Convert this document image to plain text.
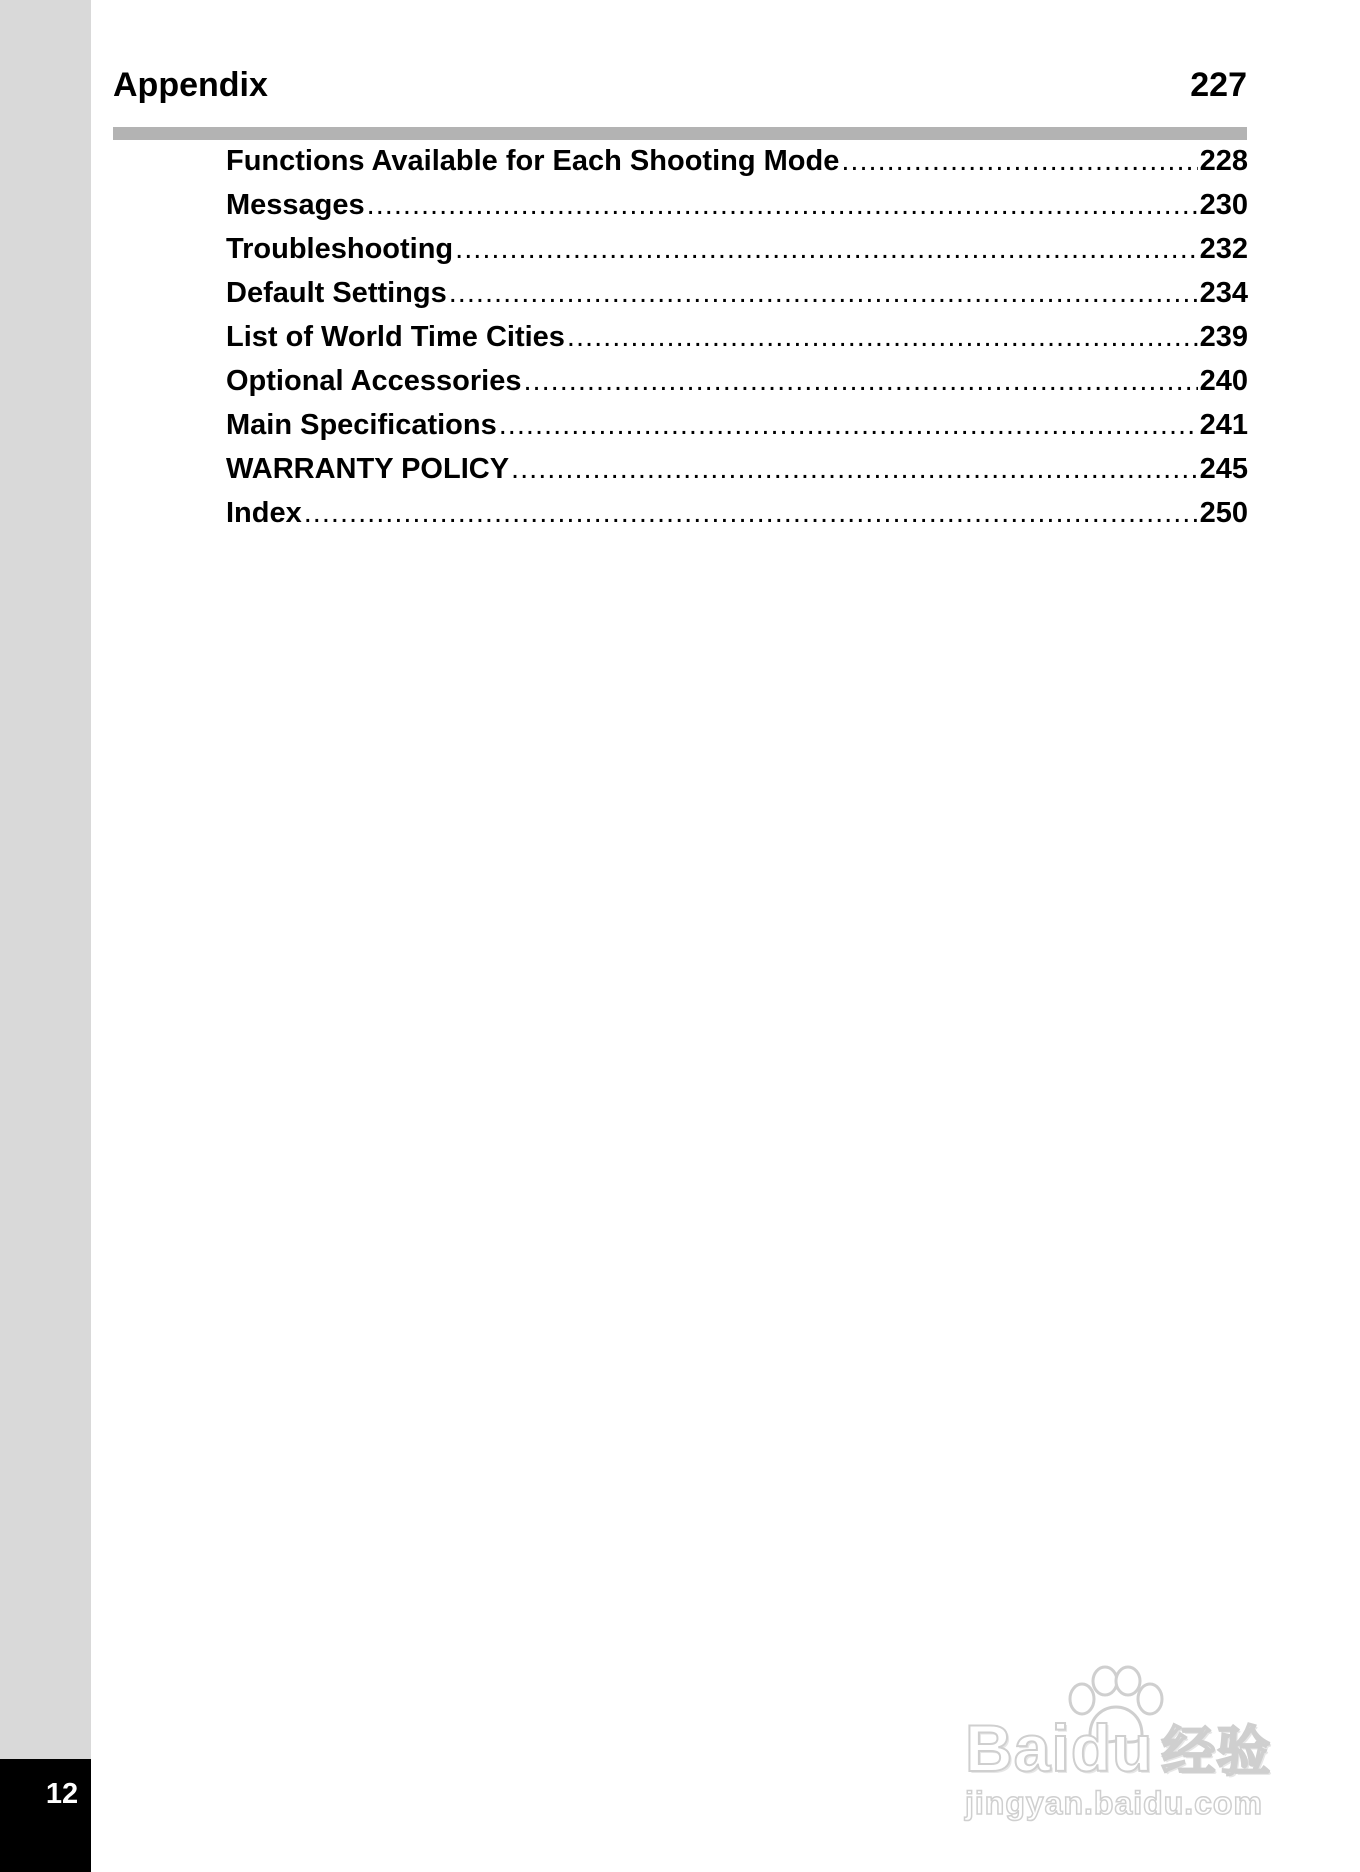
12
Appendix	227
Functions Available for Each Shooting Mode .....	228
Messages .....	230
Troubleshooting .....	232
Default Settings .....	234
List of World Time Cities .....	239
Optional Accessories .....	240
Main Specifications .....	241
WARRANTY POLICY .....	245
Index .....	250
Baidu 经验
jingyan.baidu.com
